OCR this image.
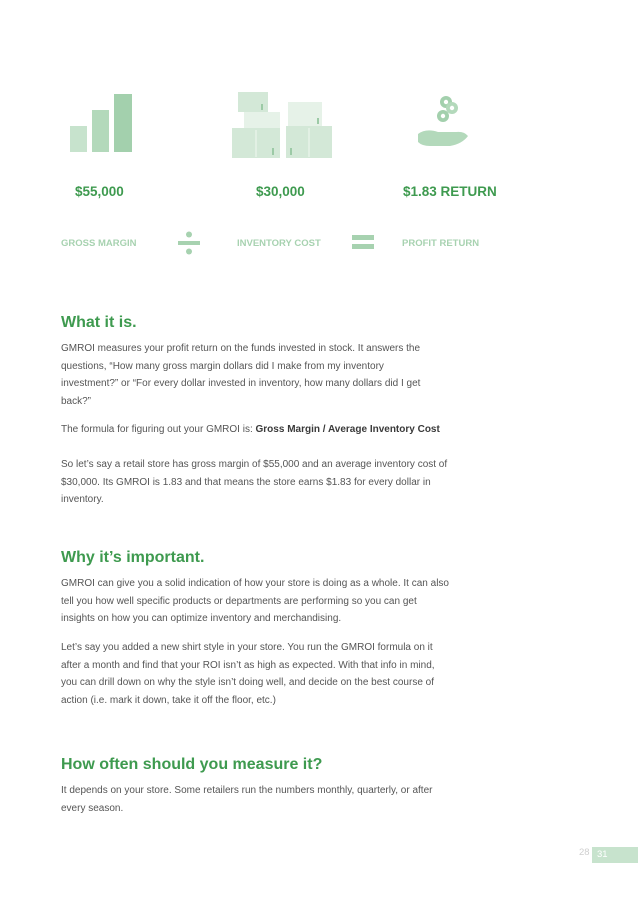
$55,000	$30,000	$1.83 RETURN
GROSS MARGIN	INVENTORY COST	PROFIT RETURN
What it is.

GMROI measures your profit return on the funds invested in stock. It answers the questions, “How many gross margin dollars did I make from my inventory investment?” or “For every dollar invested in inventory, how many dollars did I get back?”

The formula for figuring out your GMROI is: Gross Margin / Average Inventory Cost

So let’s say a retail store has gross margin of $55,000 and an average inventory cost of $30,000. Its GMROI is 1.83 and that means the store earns $1.83 for every dollar in inventory.

Why it’s important.

GMROI can give you a solid indication of how your store is doing as a whole. It can also tell you how well specific products or departments are performing so you can get insights on how you can optimize inventory and merchandising.

Let’s say you added a new shirt style in your store. You run the GMROI formula on it after a month and find that your ROI isn’t as high as expected. With that info in mind, you can drill down on why the style isn’t doing well, and decide on the best course of action (i.e. mark it down, take it off the floor, etc.)

How often should you measure it?

It depends on your store. Some retailers run the numbers monthly, quarterly, or after every season.

28 31
